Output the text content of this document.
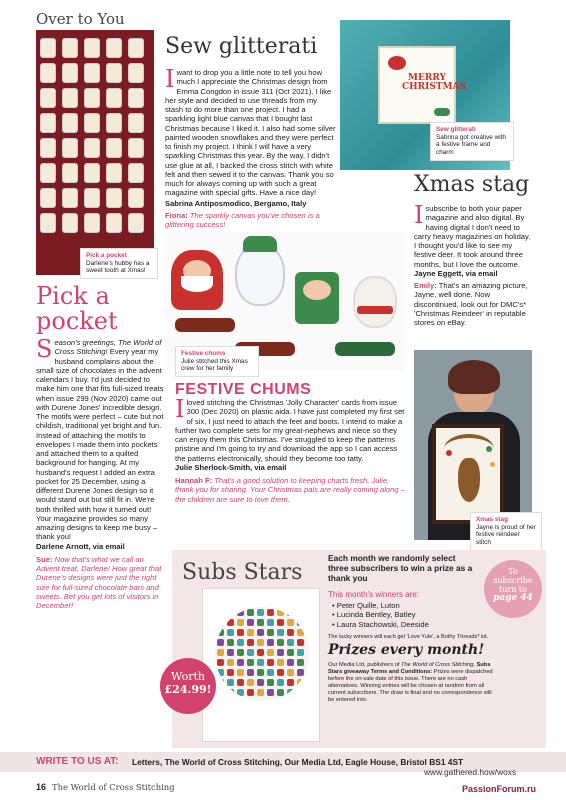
Over to You
Pick a pocket
Darlene's hubby has a sweet tooth at Xmas!
Sew glitterati
I want to drop you a little note to tell you how much I appreciate the Christmas design from Emma Congdon in issue 311 (Oct 2021). I like her style and decided to use threads from my stash to do more than one project. I had a sparkling light blue canvas that I bought last Christmas because I liked it. I also had some silver painted wooden snowflakes and they were perfect to finish my project. I think I will have a very sparkling Christmas this year. By the way, I didn't use glue at all, I backed the cross stitch with white felt and then sewed it to the canvas. Thank you so much for always coming up with such a great magazine with special gifts. Have a nice day!
Sabrina Antiposmodico, Bergamo, Italy
Fiona: The sparkly canvas you've chosen is a glittering success!
MERRY CHRISTMAS
Sew glitterati
Sabrina got creative with a festive frame and charm
Xmas stag
I subscribe to both your paper magazine and also digital. By having digital I don't need to carry heavy magazines on holiday. I thought you'd like to see my festive deer. It took around three months, but I love the outcome.
Jayne Eggett, via email
Emily: That's an amazing picture, Jayne, well done. Now discontinued, look out for DMC's* 'Christmas Reindeer' in reputable stores on eBay.
Xmas stag
Jayne is proud of her festive reindeer stitch
Festive chums
Julie stitched this Xmas crew for her family
FESTIVE CHUMS
I loved stitching the Christmas 'Jolly Character' cards from issue 300 (Dec 2020) on plastic aida. I have just completed my first set of six, I just need to attach the feet and boots. I intend to make a further two complete sets for my great-nephews and niece so they can enjoy them this Christmas. I've struggled to keep the patterns pristine and I'm going to try and download the app so I can access the patterns electronically, should they become too tatty.
Julie Sherlock-Smith, via email
Hannah F: That's a good solution to keeping charts fresh, Julie, thank you for sharing. Your Christmas pals are really coming along – the children are sure to love them.
Pick a pocket
S eason's greetings, The World of Cross Stitching! Every year my husband complains about the small size of chocolates in the advent calendars I buy. I'd just decided to make him one that fits full-sized treats when issue 299 (Nov 2020) came out with Durene Jones' incredible design. The motifs were perfect – cute but not childish, traditional yet bright and fun. Instead of attaching the motifs to envelopes I made them into pockets and attached them to a quilted background for hanging. At my husband's request I added an extra pocket for 25 December, using a different Durene Jones design so it would stand out but still fit in. We're both thrilled with how it turned out! Your magazine provides so many amazing designs to keep me busy – thank you!
Darlene Arnott, via email
Sue: Now that's what we call an Advent treat, Darlene! How great that Durene's designs were just the right size for full-sized chocolate bars and sweets. Bet you get lots of visitors in December!
Subs Stars
Worth
£24.99!
Each month we randomly select three subscribers to win a prize as a thank you
This month's winners are:
• Peter Quille, Luton
• Lucinda Bentley, Batley
• Laura Stachowski, Deeside
The lucky winners will each get 'Love Yule', a Bothy Threads* kit.
Prizes every month!
Our Media Ltd, publishers of The World of Cross Stitching, Subs Stars giveaway Terms and Conditions: Prizes were dispatched before the on-sale date of this issue. There are no cash alternatives. Winning entries will be chosen at random from all current subscribers. The draw is final and no correspondence will be entered into.
To
subscribe
turn to
page 44
WRITE TO US AT: Letters, The World of Cross Stitching, Our Media Ltd, Eagle House, Bristol BS1 4ST
16 The World of Cross Stitching
www.gathered.how/woxs
PassionForum.ru
